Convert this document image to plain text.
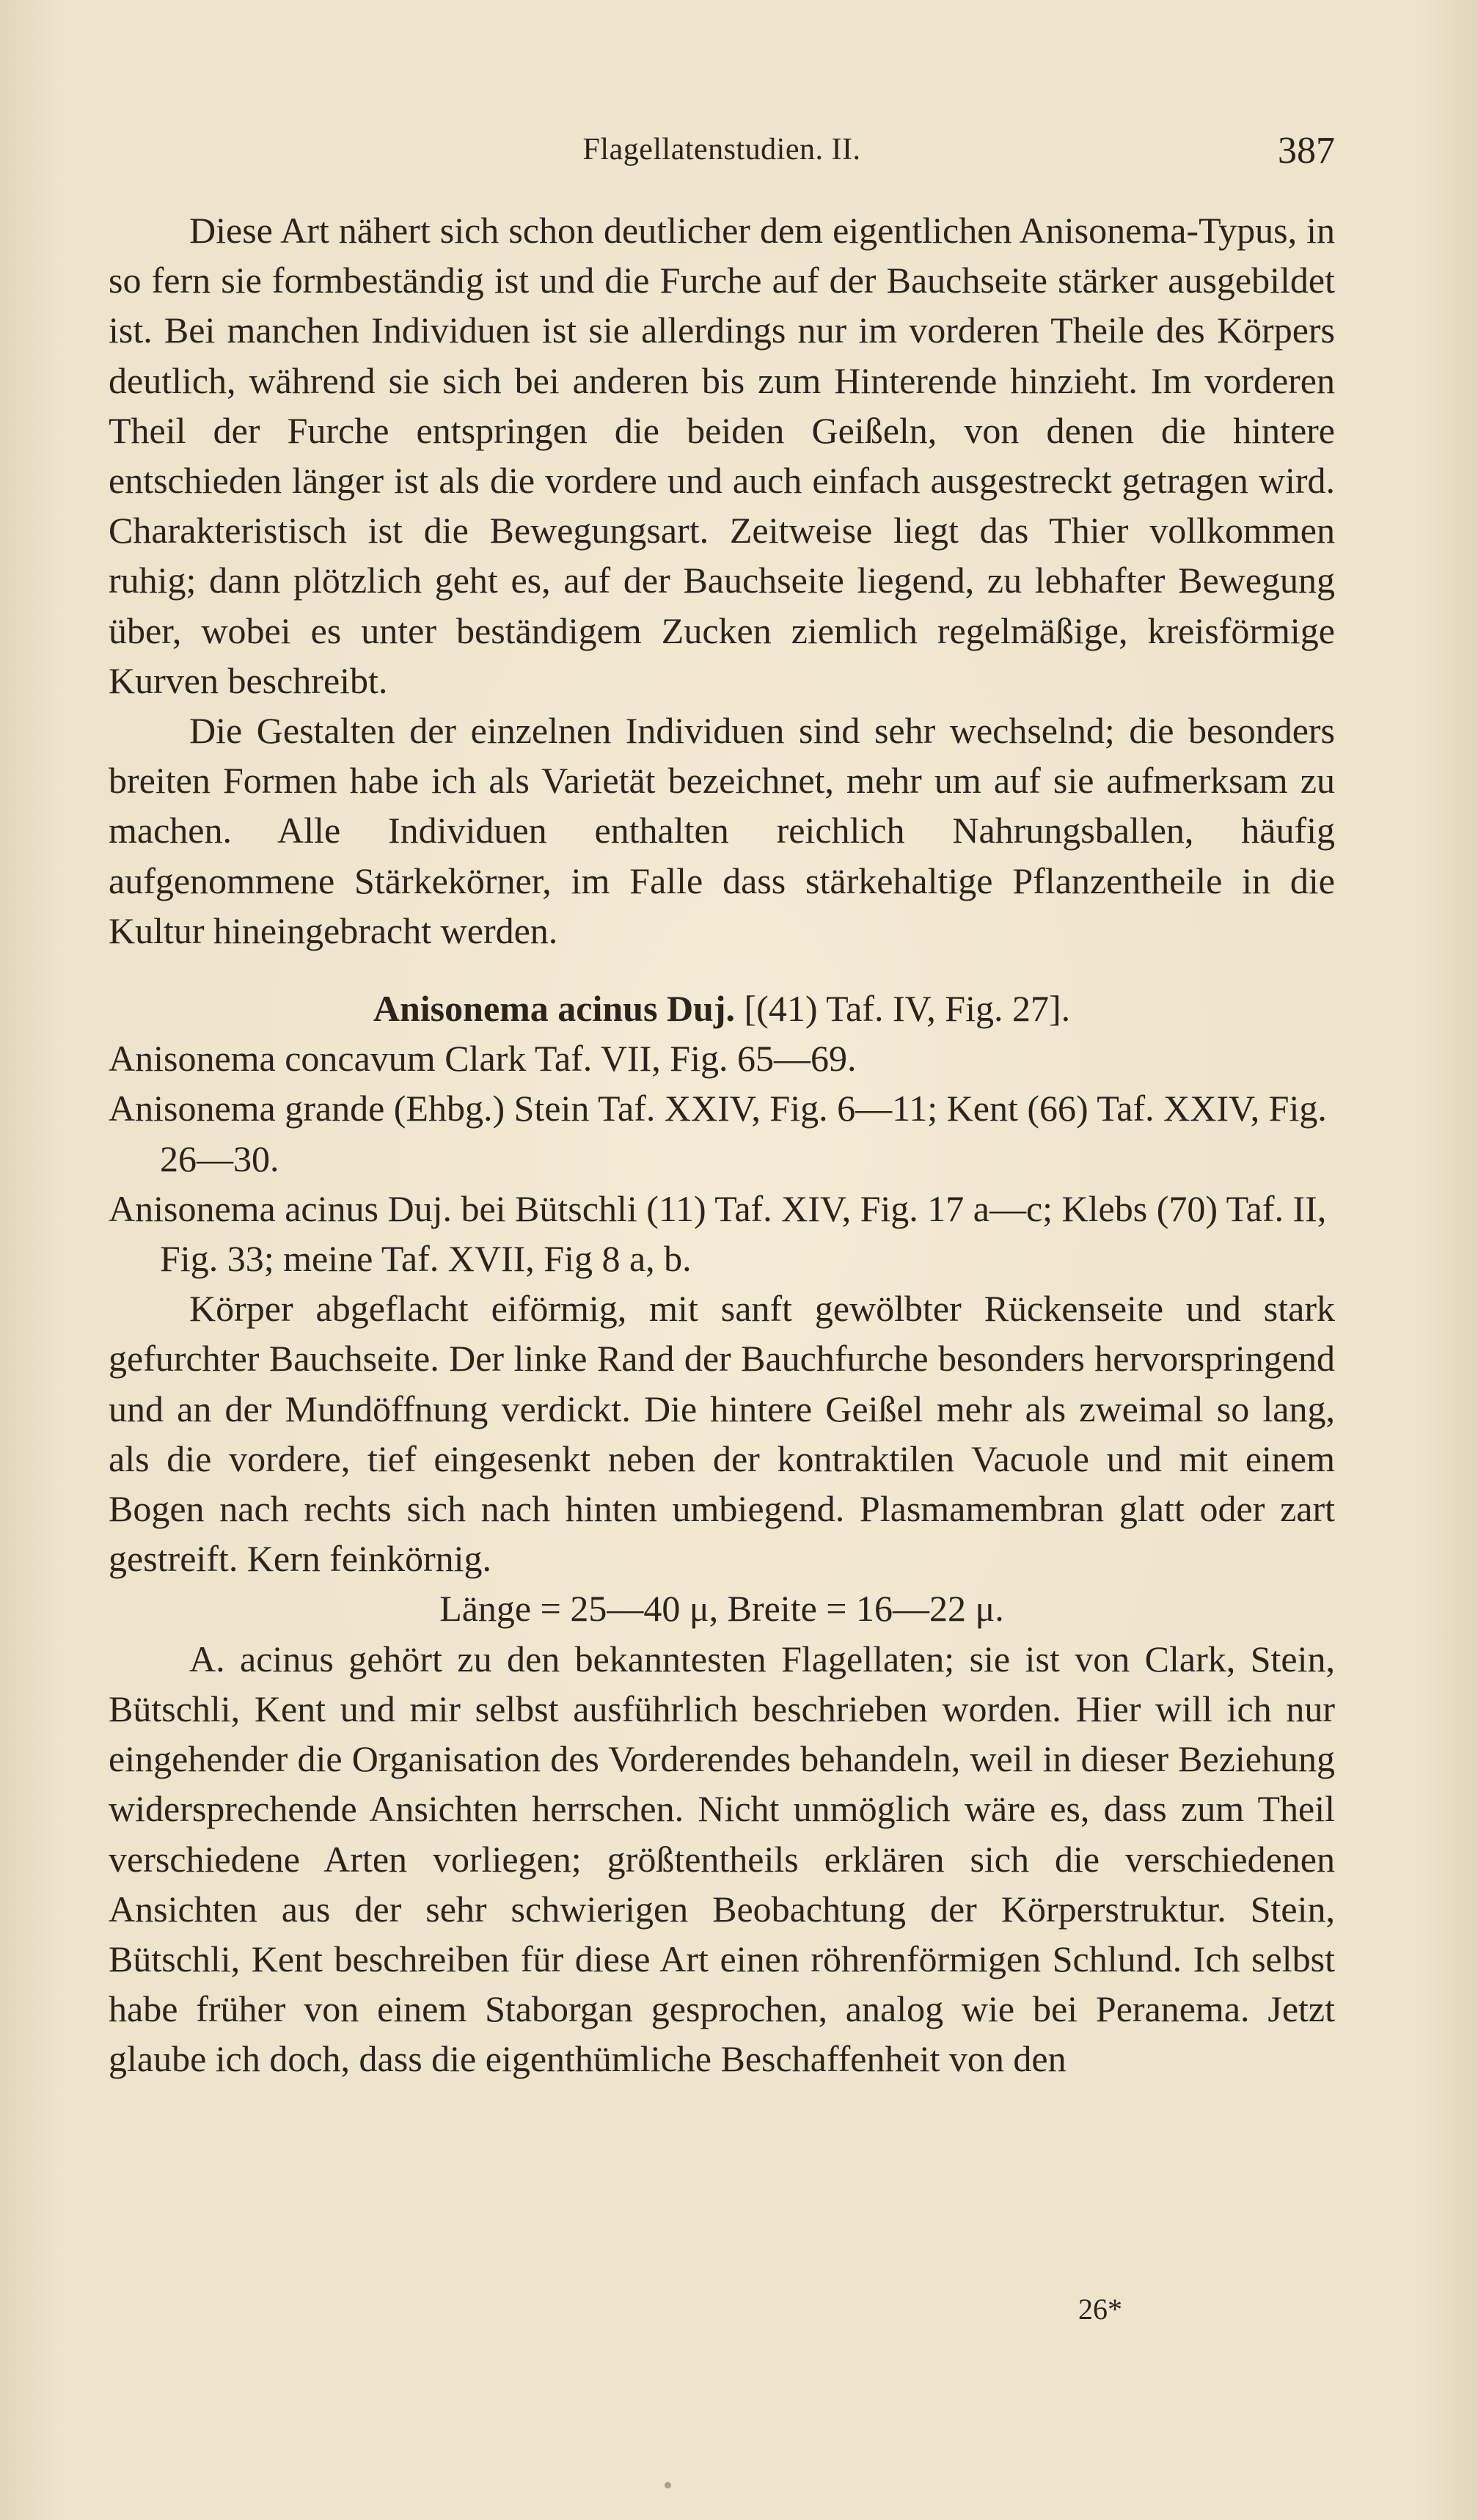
Flagellatenstudien. II.	387

Diese Art nähert sich schon deutlicher dem eigentlichen Anisonema-Typus, in so fern sie formbeständig ist und die Furche auf der Bauchseite stärker ausgebildet ist. Bei manchen Individuen ist sie allerdings nur im vorderen Theile des Körpers deutlich, während sie sich bei anderen bis zum Hinterende hinzieht. Im vorderen Theil der Furche entspringen die beiden Geißeln, von denen die hintere entschieden länger ist als die vordere und auch einfach ausgestreckt getragen wird. Charakteristisch ist die Bewegungsart. Zeitweise liegt das Thier vollkommen ruhig; dann plötzlich geht es, auf der Bauchseite liegend, zu lebhafter Bewegung über, wobei es unter beständigem Zucken ziemlich regelmäßige, kreisförmige Kurven beschreibt.

Die Gestalten der einzelnen Individuen sind sehr wechselnd; die besonders breiten Formen habe ich als Varietät bezeichnet, mehr um auf sie aufmerksam zu machen. Alle Individuen enthalten reichlich Nahrungsballen, häufig aufgenommene Stärkekörner, im Falle dass stärkehaltige Pflanzentheile in die Kultur hineingebracht werden.

Anisonema acinus Duj. [(41) Taf. IV, Fig. 27].

Anisonema concavum Clark Taf. VII, Fig. 65—69.

Anisonema grande (Ehbg.) Stein Taf. XXIV, Fig. 6—11; Kent (66) Taf. XXIV, Fig. 26—30.

Anisonema acinus Duj. bei Bütschli (11) Taf. XIV, Fig. 17 a—c; Klebs (70) Taf. II, Fig. 33; meine Taf. XVII, Fig 8 a, b.

Körper abgeflacht eiförmig, mit sanft gewölbter Rückenseite und stark gefurchter Bauchseite. Der linke Rand der Bauchfurche besonders hervorspringend und an der Mundöffnung verdickt. Die hintere Geißel mehr als zweimal so lang, als die vordere, tief eingesenkt neben der kontraktilen Vacuole und mit einem Bogen nach rechts sich nach hinten umbiegend. Plasmamembran glatt oder zart gestreift. Kern feinkörnig.

Länge = 25—40 μ, Breite = 16—22 μ.

A. acinus gehört zu den bekanntesten Flagellaten; sie ist von Clark, Stein, Bütschli, Kent und mir selbst ausführlich beschrieben worden. Hier will ich nur eingehender die Organisation des Vorderendes behandeln, weil in dieser Beziehung widersprechende Ansichten herrschen. Nicht unmöglich wäre es, dass zum Theil verschiedene Arten vorliegen; größtentheils erklären sich die verschiedenen Ansichten aus der sehr schwierigen Beobachtung der Körperstruktur. Stein, Bütschli, Kent beschreiben für diese Art einen röhrenförmigen Schlund. Ich selbst habe früher von einem Staborgan gesprochen, analog wie bei Peranema. Jetzt glaube ich doch, dass die eigenthümliche Beschaffenheit von den

26*
